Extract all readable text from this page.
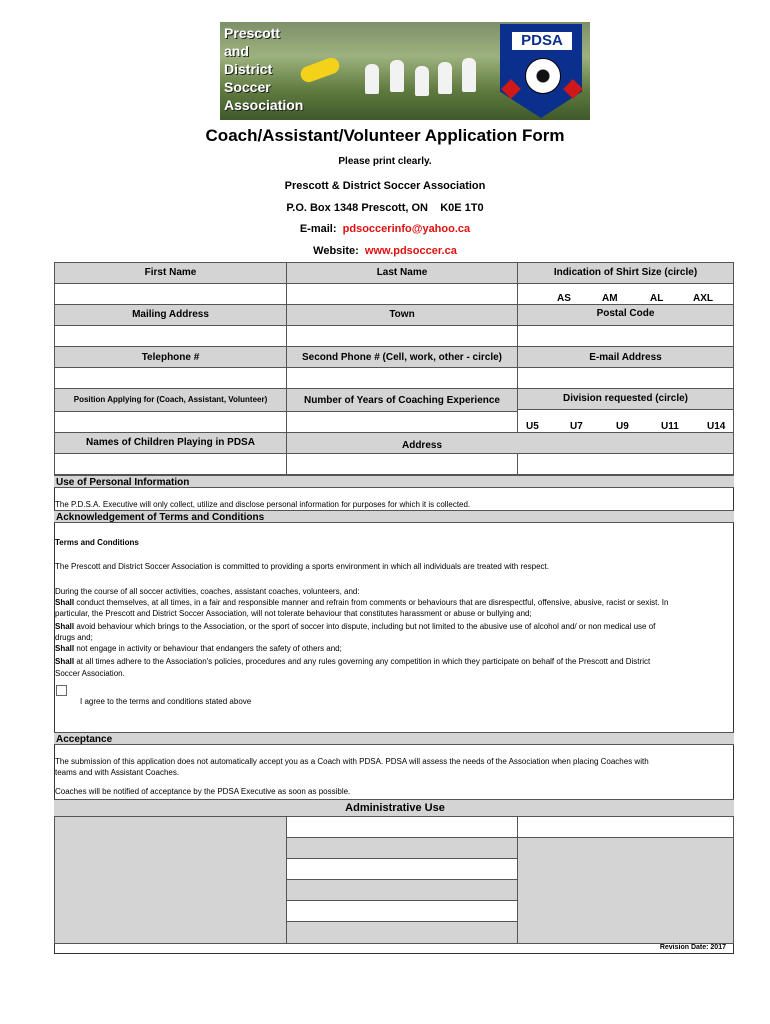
Prescott
and
District
Soccer
Association
PDSA
Coach/Assistant/Volunteer Application Form
Please print clearly.
Prescott & District Soccer Association
P.O. Box 1348 Prescott, ON K0E 1T0
E-mail: pdsoccerinfo@yahoo.ca
Website: www.pdsoccer.ca
First Name	Last Name	Indication of Shirt Size (circle)
AS	AM	AL	AXL
Mailing Address	Town	Postal Code
Telephone #	Second Phone # (Cell, work, other - circle)	E-mail Address
Position Applying for (Coach, Assistant, Volunteer)	Number of Years of Coaching Experience	Division requested (circle)
U5	U7	U9	U11	U14
Names of Children Playing in PDSA	Address
Use of Personal Information
The P.D.S.A. Executive will only collect, utilize and disclose personal information for purposes for which it is collected.
Acknowledgement of Terms and Conditions
Terms and Conditions
The Prescott and District Soccer Association is committed to providing a sports environment in which all individuals are treated with respect.
During the course of all soccer activities, coaches, assistant coaches, volunteers, and:
Shall conduct themselves, at all times, in a fair and responsible manner and refrain from comments or behaviours that are disrespectful, offensive, abusive, racist or sexist. In
particular, the Prescott and District Soccer Association, will not tolerate behaviour that constitutes harassment or abuse or bullying and;
Shall avoid behaviour which brings to the Association, or the sport of soccer into dispute, including but not limited to the abusive use of alcohol and/ or non medical use of
drugs and;
Shall not engage in activity or behaviour that endangers the safety of others and;
Shall at all times adhere to the Association's policies, procedures and any rules governing any competition in which they participate on behalf of the Prescott and District
Soccer Association.
I agree to the terms and conditions stated above
Acceptance
The submission of this application does not automatically accept you as a Coach with PDSA. PDSA will assess the needs of the Association when placing Coaches with
teams and with Assistant Coaches.
Coaches will be notified of acceptance by the PDSA Executive as soon as possible.
Administrative Use
Revision Date: 2017
